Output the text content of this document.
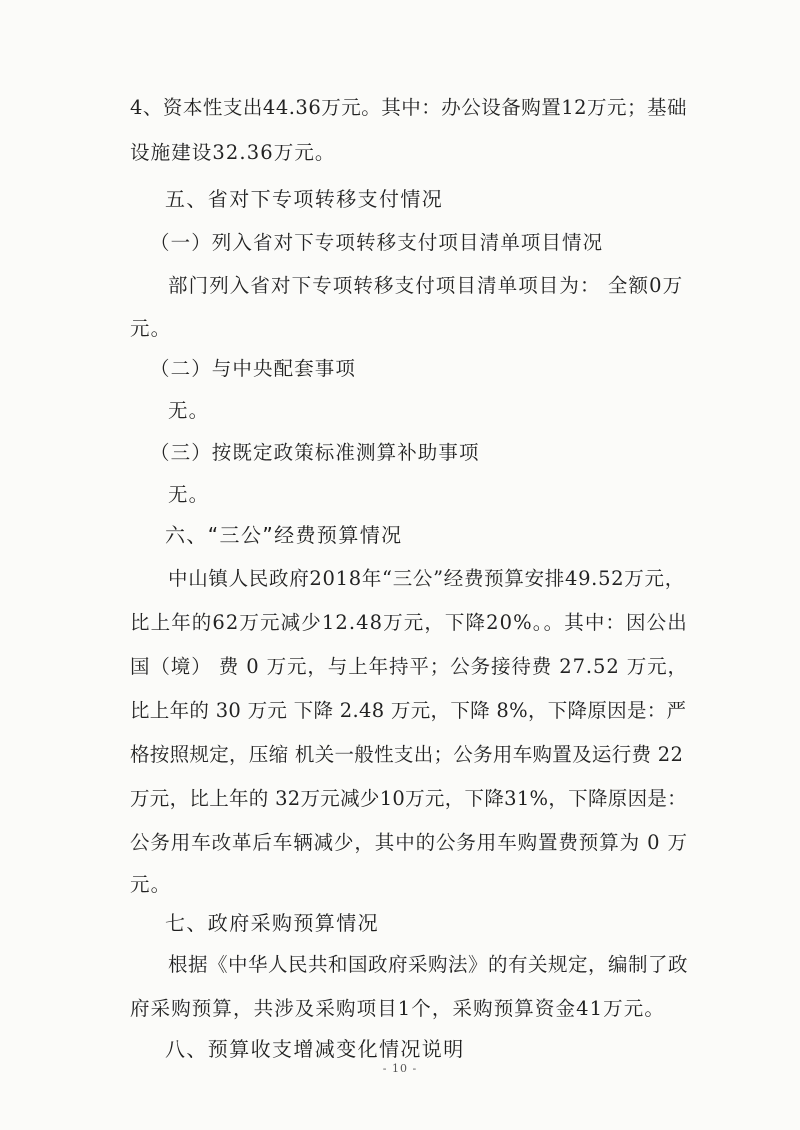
4、资本性支出44.36万元。其中：办公设备购置12万元；基础
设施建设32.36万元。
五、省对下专项转移支付情况
（一）列入省对下专项转移支付项目清单项目情况
部门列入省对下专项转移支付项目清单项目为： 全额0万
元。
（二）与中央配套事项
无。
（三）按既定政策标准测算补助事项
无。
六、“三公”经费预算情况
中山镇人民政府2018年“三公”经费预算安排49.52万元，
比上年的62万元减少12.48万元，下降20%。。其中：因公出
国（境） 费 0 万元，与上年持平；公务接待费 27.52 万元，
比上年的 30 万元 下降 2.48 万元，下降 8%，下降原因是：严
格按照规定，压缩 机关一般性支出；公务用车购置及运行费 22
万元，比上年的 32万元减少10万元，下降31%，下降原因是：
公务用车改革后车辆减少，其中的公务用车购置费预算为 0 万
元。
七、政府采购预算情况
根据《中华人民共和国政府采购法》的有关规定，编制了政
府采购预算，共涉及采购项目1个，采购预算资金41万元。
八、预算收支增减变化情况说明
- 10 -
